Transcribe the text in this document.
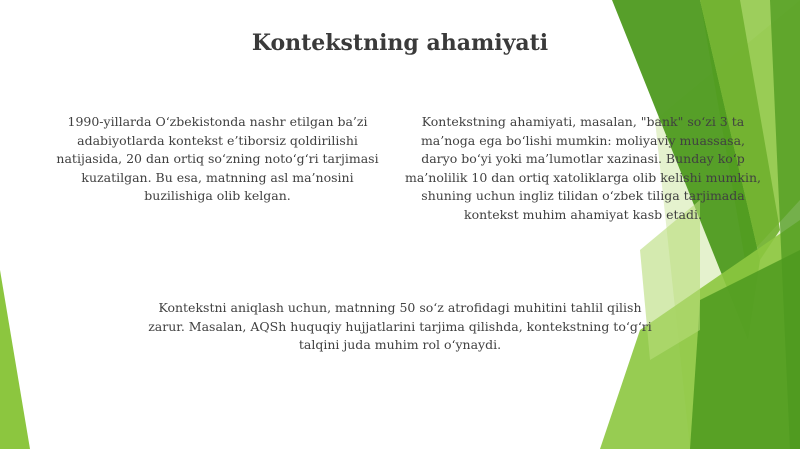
Kontekstning ahamiyati

1990-yillarda O‘zbekistonda nashr etilgan ba’zi adabiyotlarda kontekst e’tiborsiz qoldirilishi natijasida, 20 dan ortiq so‘zning noto‘g‘ri tarjimasi kuzatilgan. Bu esa, matnning asl ma’nosini buzilishiga olib kelgan.

Kontekstning ahamiyati, masalan, "bank" so‘zi 3 ta ma’noga ega bo‘lishi mumkin: moliyaviy muassasa, daryo bo‘yi yoki ma’lumotlar xazinasi. Bunday ko‘p ma’nolilik 10 dan ortiq xatoliklarga olib kelishi mumkin, shuning uchun ingliz tilidan o‘zbek tiliga tarjimada kontekst muhim ahamiyat kasb etadi.

Kontekstni aniqlash uchun, matnning 50 so‘z atrofidagi muhitini tahlil qilish zarur. Masalan, AQSh huquqiy hujjatlarini tarjima qilishda, kontekstning to‘g‘ri talqini juda muhim rol o‘ynaydi.
